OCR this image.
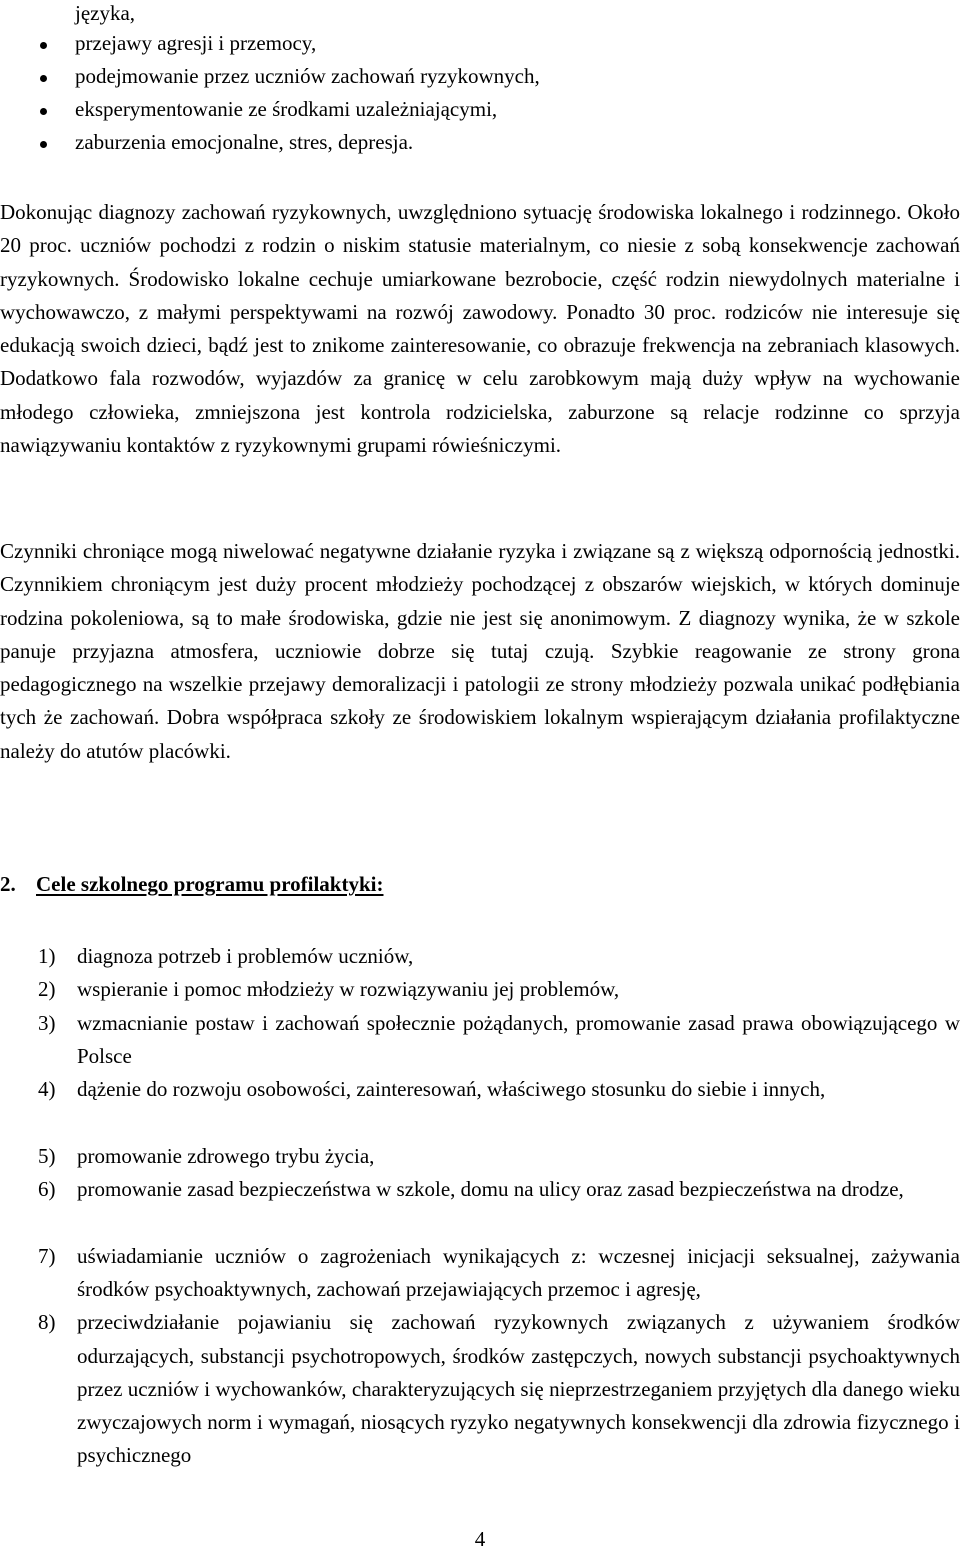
języka,
przejawy agresji i przemocy,
podejmowanie przez uczniów zachowań ryzykownych,
eksperymentowanie ze środkami uzależniającymi,
zaburzenia emocjonalne, stres, depresja.
Dokonując diagnozy zachowań ryzykownych, uwzględniono sytuację środowiska lokalnego i rodzinnego. Około 20 proc. uczniów pochodzi z rodzin o niskim statusie materialnym, co niesie z sobą konsekwencje zachowań ryzykownych. Środowisko lokalne cechuje umiarkowane bezrobocie, część rodzin niewydolnych materialne i wychowawczo, z małymi perspektywami na rozwój zawodowy. Ponadto 30 proc. rodziców nie interesuje się edukacją swoich dzieci, bądź jest to znikome zainteresowanie, co obrazuje frekwencja na zebraniach klasowych. Dodatkowo fala rozwodów, wyjazdów za granicę w celu zarobkowym mają duży wpływ na wychowanie młodego człowieka, zmniejszona jest kontrola rodzicielska, zaburzone są relacje rodzinne co sprzyja nawiązywaniu kontaktów z ryzykownymi grupami rówieśniczymi.
Czynniki chroniące mogą niwelować negatywne działanie ryzyka i związane są z większą odpornością jednostki. Czynnikiem chroniącym jest duży procent młodzieży pochodzącej z obszarów wiejskich, w których dominuje rodzina pokoleniowa, są to małe środowiska, gdzie nie jest się anonimowym. Z diagnozy wynika, że w szkole panuje przyjazna atmosfera, uczniowie dobrze się tutaj czują. Szybkie reagowanie ze strony grona pedagogicznego na wszelkie przejawy demoralizacji i patologii ze strony młodzieży pozwala unikać podłębiania tych że zachowań. Dobra współpraca szkoły ze środowiskiem lokalnym wspierającym działania profilaktyczne należy do atutów placówki.
2. Cele szkolnego programu profilaktyki:
1) diagnoza potrzeb i problemów uczniów,
2) wspieranie i pomoc młodzieży w rozwiązywaniu jej problemów,
3) wzmacnianie postaw i zachowań społecznie pożądanych, promowanie zasad prawa obowiązującego w Polsce
4) dążenie do rozwoju osobowości, zainteresowań, właściwego stosunku do siebie i innych,
5) promowanie zdrowego trybu życia,
6) promowanie zasad bezpieczeństwa w szkole, domu na ulicy oraz zasad bezpieczeństwa na drodze,
7) uświadamianie uczniów o zagrożeniach wynikających z: wczesnej inicjacji seksualnej, zażywania środków psychoaktywnych, zachowań przejawiających przemoc i agresję,
8) przeciwdziałanie pojawianiu się zachowań ryzykownych związanych z używaniem środków odurzających, substancji psychotropowych, środków zastępczych, nowych substancji psychoaktywnych przez uczniów i wychowanków, charakteryzujących się nieprzestrzeganiem przyjętych dla danego wieku zwyczajowych norm i wymagań, niosących ryzyko negatywnych konsekwencji dla zdrowia fizycznego i psychicznego
4
